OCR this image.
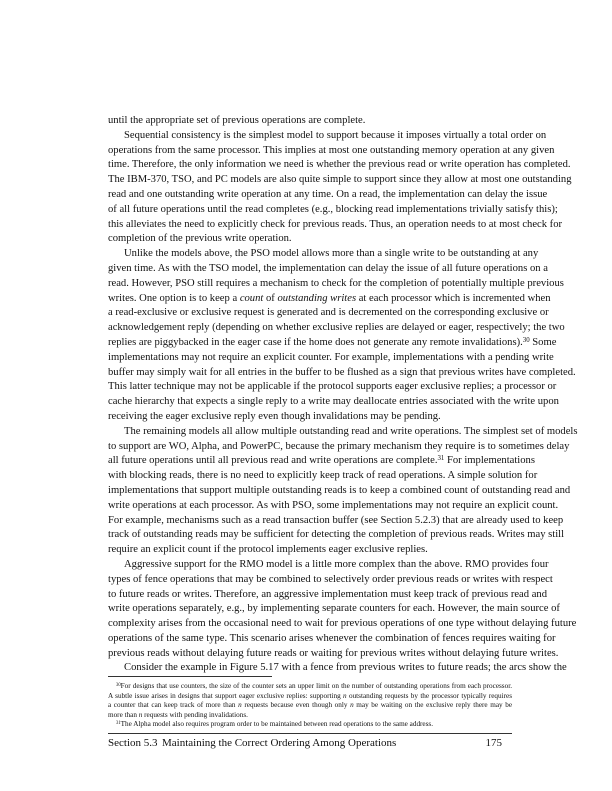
until the appropriate set of previous operations are complete.
Sequential consistency is the simplest model to support because it imposes virtually a total order on
operations from the same processor. This implies at most one outstanding memory operation at any given
time. Therefore, the only information we need is whether the previous read or write operation has completed.
The IBM-370, TSO, and PC models are also quite simple to support since they allow at most one outstanding
read and one outstanding write operation at any time. On a read, the implementation can delay the issue
of all future operations until the read completes (e.g., blocking read implementations trivially satisfy this);
this alleviates the need to explicitly check for previous reads. Thus, an operation needs to at most check for
completion of the previous write operation.
Unlike the models above, the PSO model allows more than a single write to be outstanding at any
given time. As with the TSO model, the implementation can delay the issue of all future operations on a
read. However, PSO still requires a mechanism to check for the completion of potentially multiple previous
writes. One option is to keep a count of outstanding writes at each processor which is incremented when
a read-exclusive or exclusive request is generated and is decremented on the corresponding exclusive or
acknowledgement reply (depending on whether exclusive replies are delayed or eager, respectively; the two
replies are piggybacked in the eager case if the home does not generate any remote invalidations).$^{30}$ Some
implementations may not require an explicit counter. For example, implementations with a pending write
buffer may simply wait for all entries in the buffer to be flushed as a sign that previous writes have completed.
This latter technique may not be applicable if the protocol supports eager exclusive replies; a processor or
cache hierarchy that expects a single reply to a write may deallocate entries associated with the write upon
receiving the eager exclusive reply even though invalidations may be pending.
The remaining models all allow multiple outstanding read and write operations. The simplest set of models
to support are WO, Alpha, and PowerPC, because the primary mechanism they require is to sometimes delay
all future operations until all previous read and write operations are complete.$^{31}$ For implementations
with blocking reads, there is no need to explicitly keep track of read operations. A simple solution for
implementations that support multiple outstanding reads is to keep a combined count of outstanding read and
write operations at each processor. As with PSO, some implementations may not require an explicit count.
For example, mechanisms such as a read transaction buffer (see Section 5.2.3) that are already used to keep
track of outstanding reads may be sufficient for detecting the completion of previous reads. Writes may still
require an explicit count if the protocol implements eager exclusive replies.
Aggressive support for the RMO model is a little more complex than the above. RMO provides four
types of fence operations that may be combined to selectively order previous reads or writes with respect
to future reads or writes. Therefore, an aggressive implementation must keep track of previous read and
write operations separately, e.g., by implementing separate counters for each. However, the main source of
complexity arises from the occasional need to wait for previous operations of one type without delaying future
operations of the same type. This scenario arises whenever the combination of fences requires waiting for
previous reads without delaying future reads or waiting for previous writes without delaying future writes.
Consider the example in Figure 5.17 with a fence from previous writes to future reads; the arcs show the
$^{30}$For designs that use counters, the size of the counter sets an upper limit on the number of outstanding operations from each processor.
A subtle issue arises in designs that support eager exclusive replies: supporting n outstanding requests by the processor typically requires
a counter that can keep track of more than n requests because even though only n may be waiting on the exclusive reply there may be
more than n requests with pending invalidations.
$^{31}$The Alpha model also requires program order to be maintained between read operations to the same address.
Section 5.3 Maintaining the Correct Ordering Among Operations	175
